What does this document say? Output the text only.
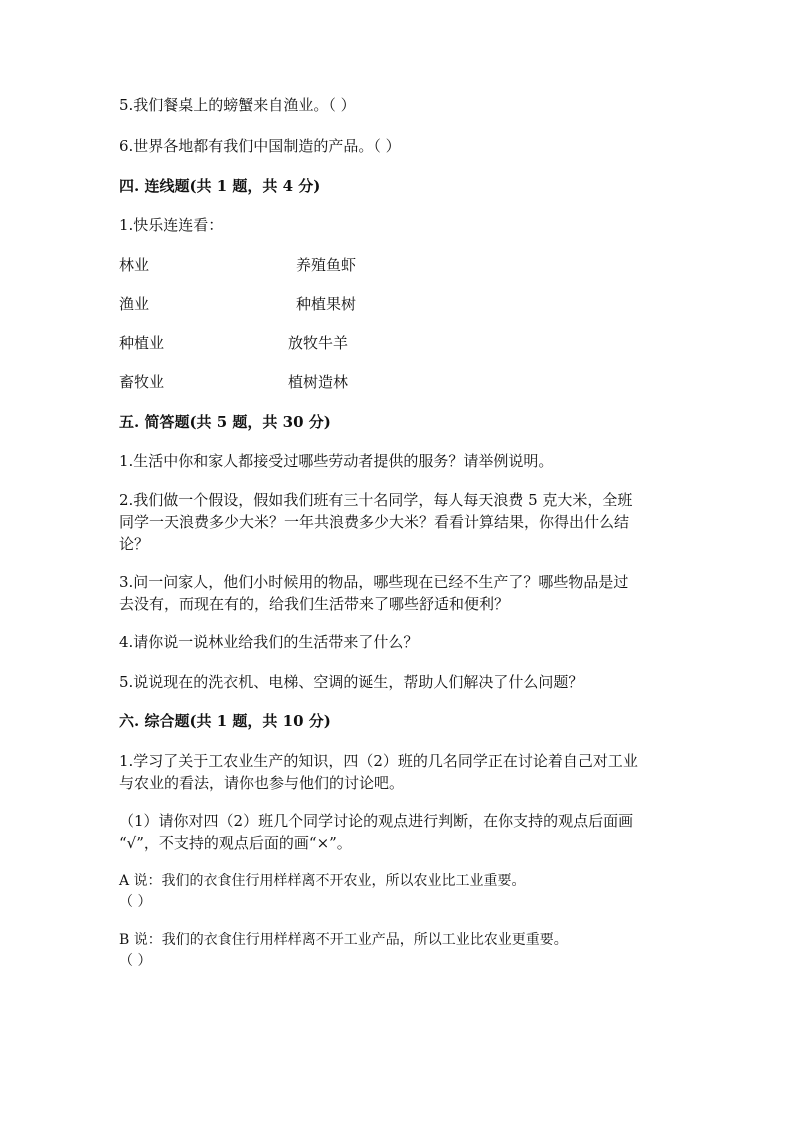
5.我们餐桌上的螃蟹来自渔业。（ ）
6.世界各地都有我们中国制造的产品。（ ）
四. 连线题(共 1 题，共 4 分)
1.快乐连连看：
林业	养殖鱼虾
渔业	种植果树
种植业	放牧牛羊
畜牧业	植树造林
五. 简答题(共 5 题，共 30 分)
1.生活中你和家人都接受过哪些劳动者提供的服务？请举例说明。
2.我们做一个假设，假如我们班有三十名同学，每人每天浪费 5 克大米，全班
同学一天浪费多少大米？一年共浪费多少大米？看看计算结果，你得出什么结
论？
3.问一问家人，他们小时候用的物品，哪些现在已经不生产了？哪些物品是过
去没有，而现在有的，给我们生活带来了哪些舒适和便利？
4.请你说一说林业给我们的生活带来了什么？
5.说说现在的洗衣机、电梯、空调的诞生，帮助人们解决了什么问题？
六. 综合题(共 1 题，共 10 分)
1.学习了关于工农业生产的知识，四（2）班的几名同学正在讨论着自己对工业
与农业的看法，请你也参与他们的讨论吧。
（1）请你对四（2）班几个同学讨论的观点进行判断，在你支持的观点后面画
“√”，不支持的观点后面的画“×”。
A 说：我们的衣食住行用样样离不开农业，所以农业比工业重要。
（ ）
B 说：我们的衣食住行用样样离不开工业产品，所以工业比农业更重要。
（ ）
